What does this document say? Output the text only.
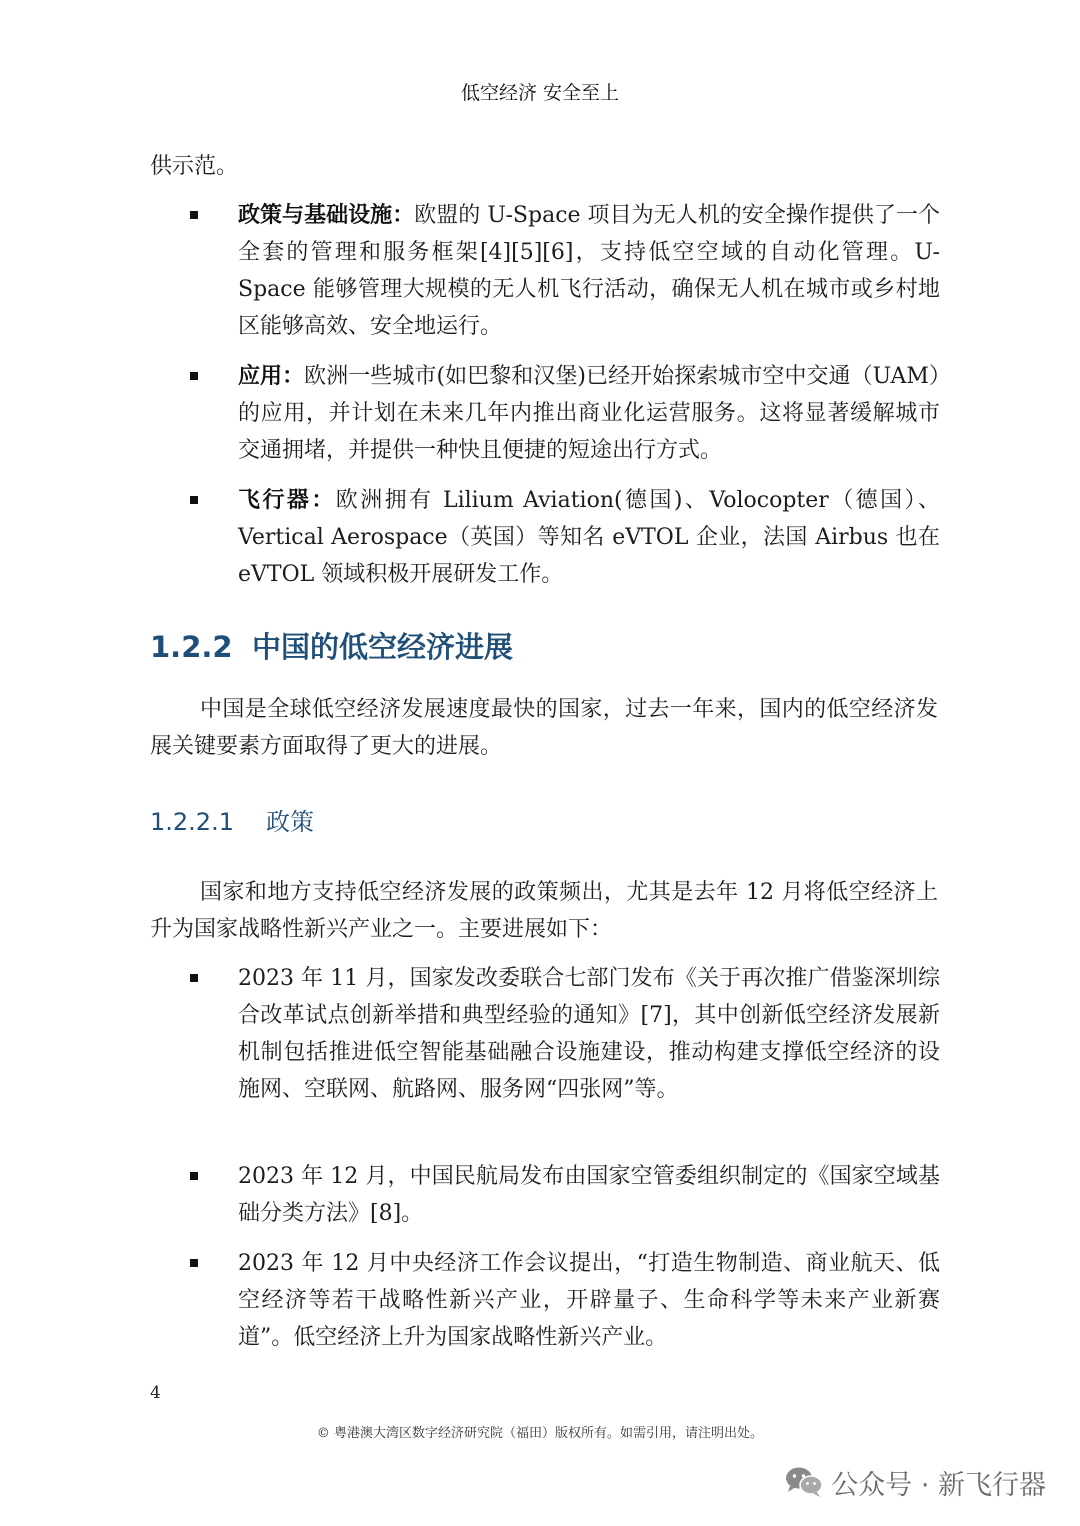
低空经济 安全至上

供示范。

政策与基础设施：欧盟的 U-Space 项目为无人机的安全操作提供了一个全套的管理和服务框架[4][5][6]，支持低空空域的自动化管理。U-Space 能够管理大规模的无人机飞行活动，确保无人机在城市或乡村地区能够高效、安全地运行。

应用：欧洲一些城市(如巴黎和汉堡)已经开始探索城市空中交通（UAM）的应用，并计划在未来几年内推出商业化运营服务。这将显著缓解城市交通拥堵，并提供一种快且便捷的短途出行方式。

飞行器：欧洲拥有 Lilium Aviation(德国)、Volocopter（德国）、Vertical Aerospace（英国）等知名 eVTOL 企业，法国 Airbus 也在 eVTOL 领域积极开展研发工作。

1.2.2 中国的低空经济进展

中国是全球低空经济发展速度最快的国家，过去一年来，国内的低空经济发展关键要素方面取得了更大的进展。

1.2.2.1 政策

国家和地方支持低空经济发展的政策频出，尤其是去年 12 月将低空经济上升为国家战略性新兴产业之一。主要进展如下：

2023 年 11 月，国家发改委联合七部门发布《关于再次推广借鉴深圳综合改革试点创新举措和典型经验的通知》[7]，其中创新低空经济发展新机制包括推进低空智能基础融合设施建设，推动构建支撑低空经济的设施网、空联网、航路网、服务网“四张网”等。

2023 年 12 月，中国民航局发布由国家空管委组织制定的《国家空域基础分类方法》[8]。

2023 年 12 月中央经济工作会议提出，“打造生物制造、商业航天、低空经济等若干战略性新兴产业，开辟量子、生命科学等未来产业新赛道”。低空经济上升为国家战略性新兴产业。

4
© 粤港澳大湾区数字经济研究院（福田）版权所有。如需引用，请注明出处。
公众号 · 新飞行器
